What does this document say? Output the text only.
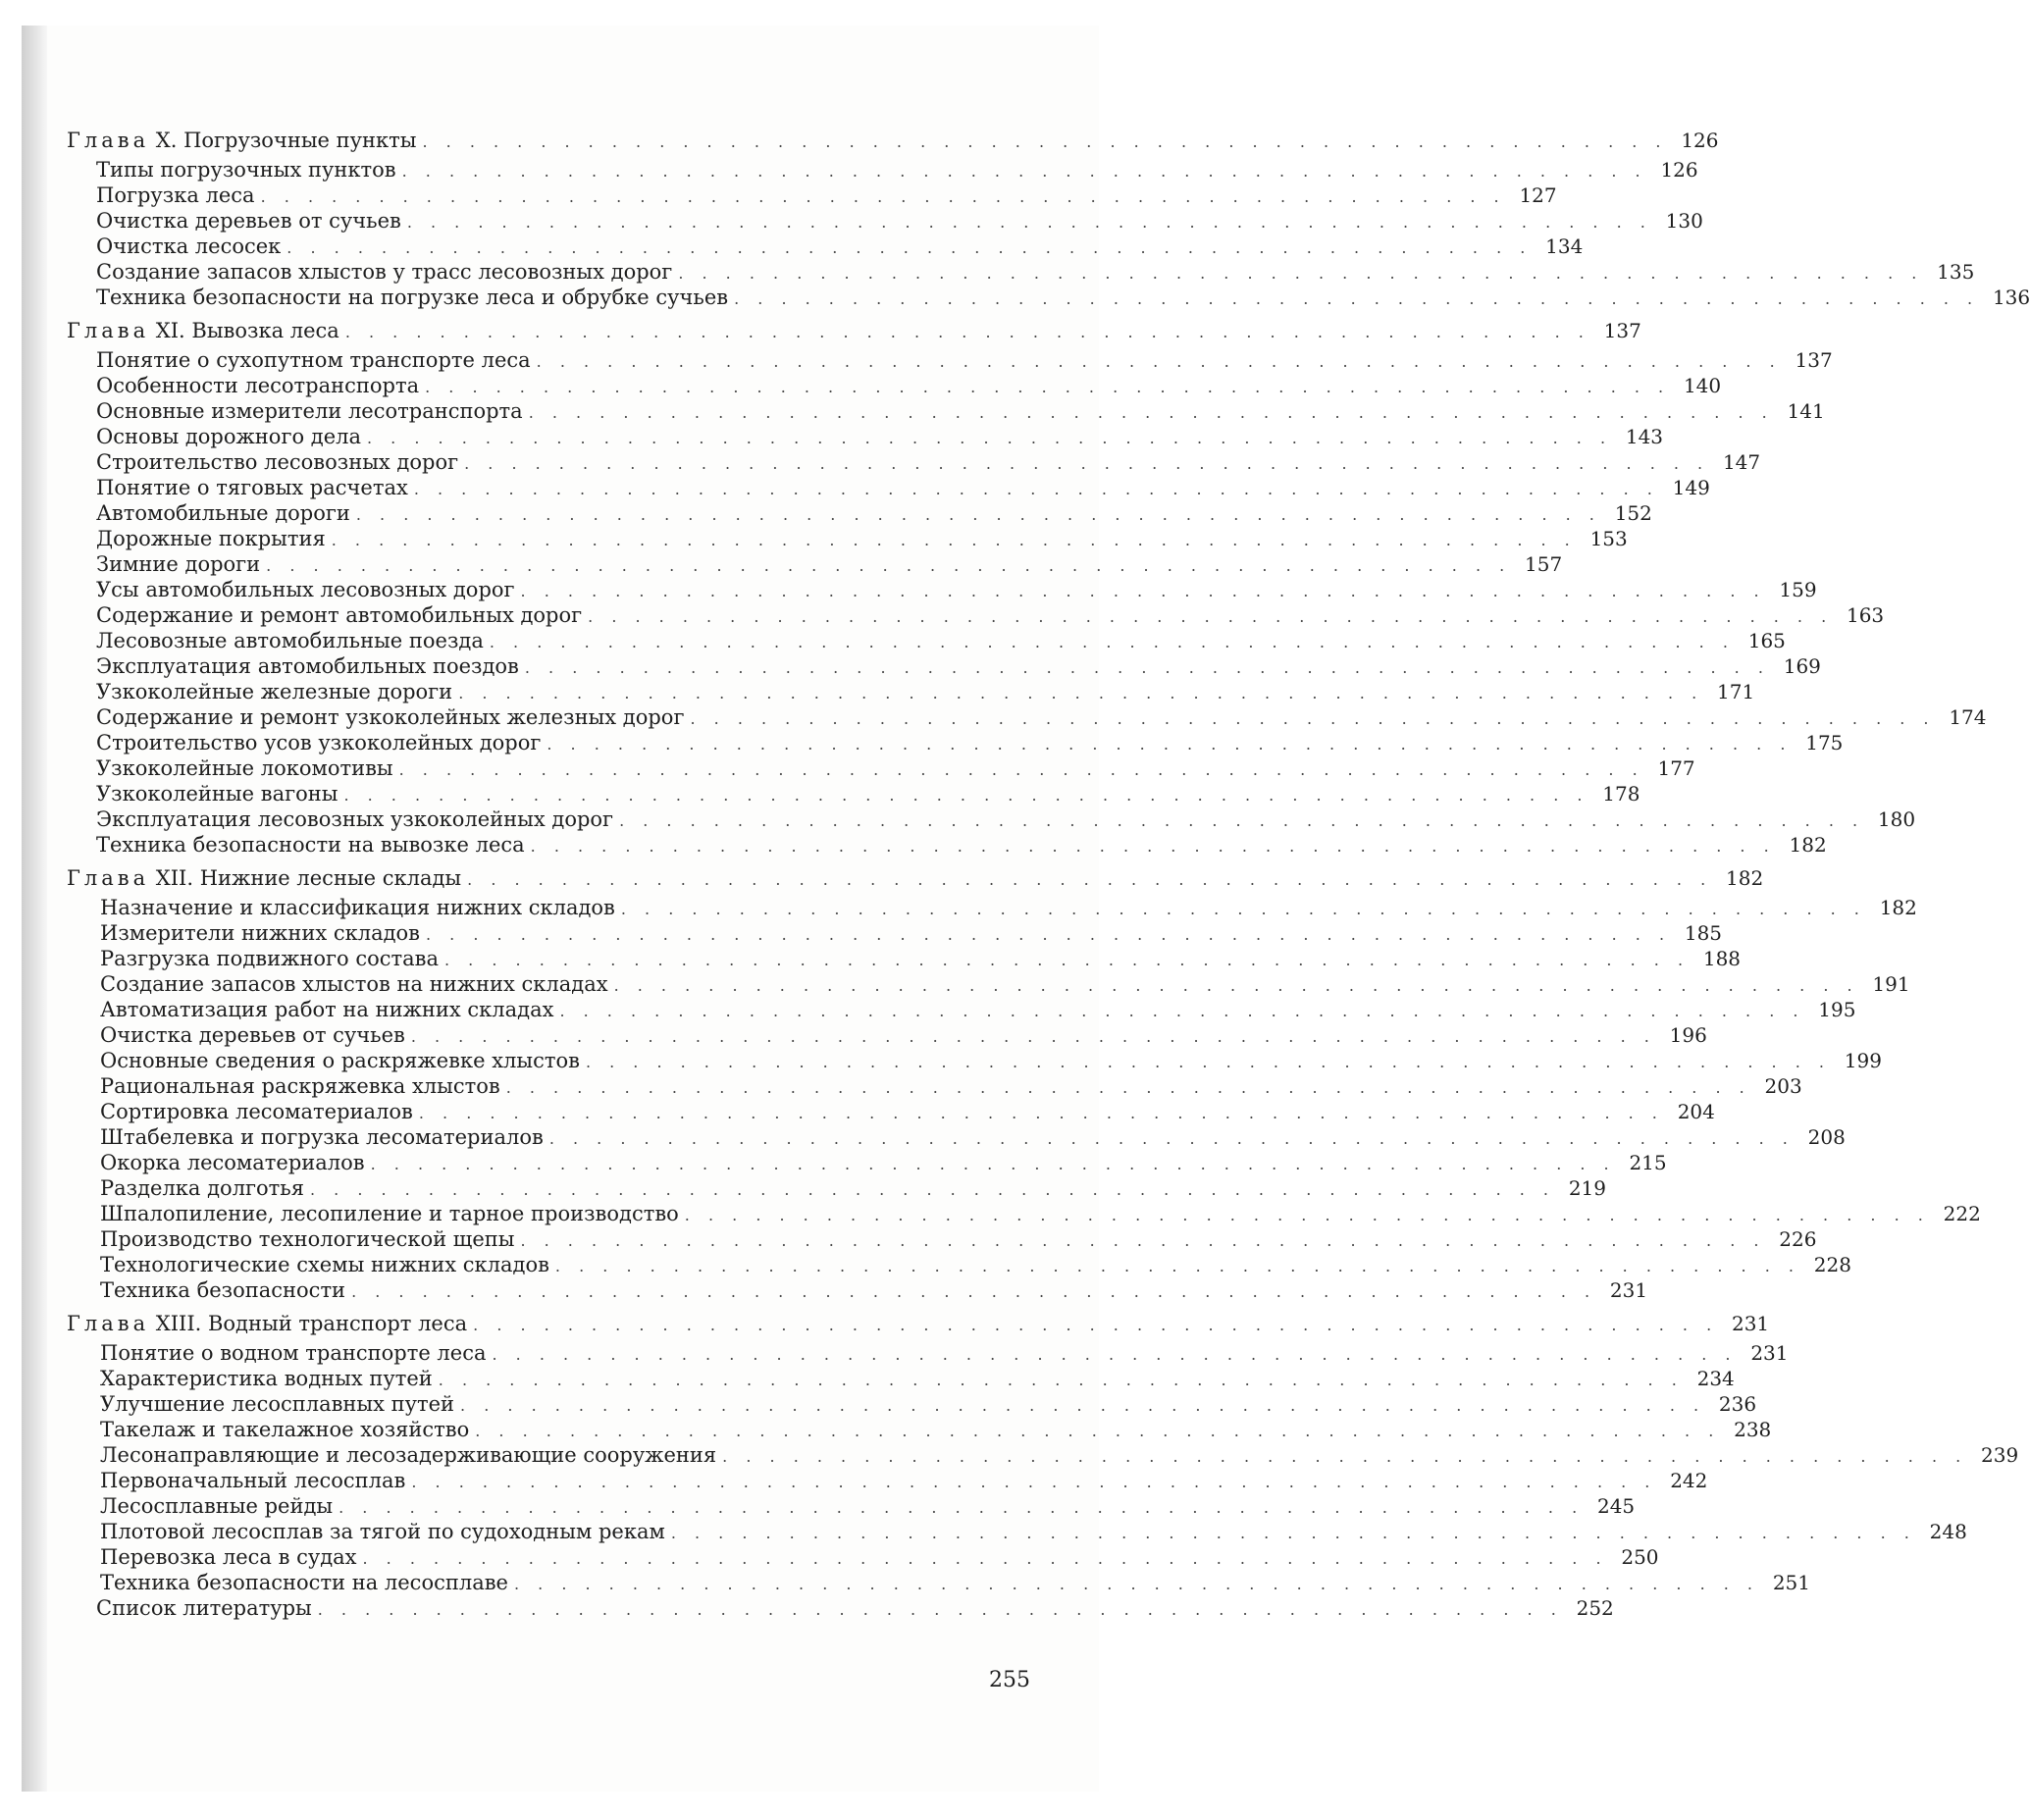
Глава X. Погрузочные пункты . . . . . . . . . . . . . . . . . . . . . . . . . . . . . . . . . . . . . . . . . . . . . . . . . . . . . 126
Типы погрузочных пунктов . . . . . . . . . . . . . . . . . . . . . . . . . . . . . . . . . . . . . . . . . . . . . . . . . . . . . 126
Погрузка леса . . . . . . . . . . . . . . . . . . . . . . . . . . . . . . . . . . . . . . . . . . . . . . . . . . . . . 127
Очистка деревьев от сучьев . . . . . . . . . . . . . . . . . . . . . . . . . . . . . . . . . . . . . . . . . . . . . . . . . . . . . 130
Очистка лесосек . . . . . . . . . . . . . . . . . . . . . . . . . . . . . . . . . . . . . . . . . . . . . . . . . . . . . 134
Создание запасов хлыстов у трасс лесовозных дорог . . . . . . . . . . . . . . . . . . . . . . . . . . . . . . . . . . . . . . . . . . . . . . . . . . . . . 135
Техника безопасности на погрузке леса и обрубке сучьев . . . . . . . . . . . . . . . . . . . . . . . . . . . . . . . . . . . . . . . . . . . . . . . . . . . . . 136
Глава XI. Вывозка леса . . . . . . . . . . . . . . . . . . . . . . . . . . . . . . . . . . . . . . . . . . . . . . . . . . . . . 137
Понятие о сухопутном транспорте леса . . . . . . . . . . . . . . . . . . . . . . . . . . . . . . . . . . . . . . . . . . . . . . . . . . . . . 137
Особенности лесотранспорта . . . . . . . . . . . . . . . . . . . . . . . . . . . . . . . . . . . . . . . . . . . . . . . . . . . . . 140
Основные измерители лесотранспорта . . . . . . . . . . . . . . . . . . . . . . . . . . . . . . . . . . . . . . . . . . . . . . . . . . . . . 141
Основы дорожного дела . . . . . . . . . . . . . . . . . . . . . . . . . . . . . . . . . . . . . . . . . . . . . . . . . . . . . 143
Строительство лесовозных дорог . . . . . . . . . . . . . . . . . . . . . . . . . . . . . . . . . . . . . . . . . . . . . . . . . . . . . 147
Понятие о тяговых расчетах . . . . . . . . . . . . . . . . . . . . . . . . . . . . . . . . . . . . . . . . . . . . . . . . . . . . . 149
Автомобильные дороги . . . . . . . . . . . . . . . . . . . . . . . . . . . . . . . . . . . . . . . . . . . . . . . . . . . . . 152
Дорожные покрытия . . . . . . . . . . . . . . . . . . . . . . . . . . . . . . . . . . . . . . . . . . . . . . . . . . . . . 153
Зимние дороги . . . . . . . . . . . . . . . . . . . . . . . . . . . . . . . . . . . . . . . . . . . . . . . . . . . . . 157
Усы автомобильных лесовозных дорог . . . . . . . . . . . . . . . . . . . . . . . . . . . . . . . . . . . . . . . . . . . . . . . . . . . . . 159
Содержание и ремонт автомобильных дорог . . . . . . . . . . . . . . . . . . . . . . . . . . . . . . . . . . . . . . . . . . . . . . . . . . . . . 163
Лесовозные автомобильные поезда . . . . . . . . . . . . . . . . . . . . . . . . . . . . . . . . . . . . . . . . . . . . . . . . . . . . . 165
Эксплуатация автомобильных поездов . . . . . . . . . . . . . . . . . . . . . . . . . . . . . . . . . . . . . . . . . . . . . . . . . . . . . 169
Узкоколейные железные дороги . . . . . . . . . . . . . . . . . . . . . . . . . . . . . . . . . . . . . . . . . . . . . . . . . . . . . 171
Содержание и ремонт узкоколейных железных дорог . . . . . . . . . . . . . . . . . . . . . . . . . . . . . . . . . . . . . . . . . . . . . . . . . . . . . 174
Строительство усов узкоколейных дорог . . . . . . . . . . . . . . . . . . . . . . . . . . . . . . . . . . . . . . . . . . . . . . . . . . . . . 175
Узкоколейные локомотивы . . . . . . . . . . . . . . . . . . . . . . . . . . . . . . . . . . . . . . . . . . . . . . . . . . . . . 177
Узкоколейные вагоны . . . . . . . . . . . . . . . . . . . . . . . . . . . . . . . . . . . . . . . . . . . . . . . . . . . . . 178
Эксплуатация лесовозных узкоколейных дорог . . . . . . . . . . . . . . . . . . . . . . . . . . . . . . . . . . . . . . . . . . . . . . . . . . . . . 180
Техника безопасности на вывозке леса . . . . . . . . . . . . . . . . . . . . . . . . . . . . . . . . . . . . . . . . . . . . . . . . . . . . . 182
Глава XII. Нижние лесные склады . . . . . . . . . . . . . . . . . . . . . . . . . . . . . . . . . . . . . . . . . . . . . . . . . . . . . 182
Назначение и классификация нижних складов . . . . . . . . . . . . . . . . . . . . . . . . . . . . . . . . . . . . . . . . . . . . . . . . . . . . . 182
Измерители нижних складов . . . . . . . . . . . . . . . . . . . . . . . . . . . . . . . . . . . . . . . . . . . . . . . . . . . . . 185
Разгрузка подвижного состава . . . . . . . . . . . . . . . . . . . . . . . . . . . . . . . . . . . . . . . . . . . . . . . . . . . . . 188
Создание запасов хлыстов на нижних складах . . . . . . . . . . . . . . . . . . . . . . . . . . . . . . . . . . . . . . . . . . . . . . . . . . . . . 191
Автоматизация работ на нижних складах . . . . . . . . . . . . . . . . . . . . . . . . . . . . . . . . . . . . . . . . . . . . . . . . . . . . . 195
Очистка деревьев от сучьев . . . . . . . . . . . . . . . . . . . . . . . . . . . . . . . . . . . . . . . . . . . . . . . . . . . . . 196
Основные сведения о раскряжевке хлыстов . . . . . . . . . . . . . . . . . . . . . . . . . . . . . . . . . . . . . . . . . . . . . . . . . . . . . 199
Рациональная раскряжевка хлыстов . . . . . . . . . . . . . . . . . . . . . . . . . . . . . . . . . . . . . . . . . . . . . . . . . . . . . 203
Сортировка лесоматериалов . . . . . . . . . . . . . . . . . . . . . . . . . . . . . . . . . . . . . . . . . . . . . . . . . . . . . 204
Штабелевка и погрузка лесоматериалов . . . . . . . . . . . . . . . . . . . . . . . . . . . . . . . . . . . . . . . . . . . . . . . . . . . . . 208
Окорка лесоматериалов . . . . . . . . . . . . . . . . . . . . . . . . . . . . . . . . . . . . . . . . . . . . . . . . . . . . . 215
Разделка долготья . . . . . . . . . . . . . . . . . . . . . . . . . . . . . . . . . . . . . . . . . . . . . . . . . . . . . 219
Шпалопиление, лесопиление и тарное производство . . . . . . . . . . . . . . . . . . . . . . . . . . . . . . . . . . . . . . . . . . . . . . . . . . . . . 222
Производство технологической щепы . . . . . . . . . . . . . . . . . . . . . . . . . . . . . . . . . . . . . . . . . . . . . . . . . . . . . 226
Технологические схемы нижних складов . . . . . . . . . . . . . . . . . . . . . . . . . . . . . . . . . . . . . . . . . . . . . . . . . . . . . 228
Техника безопасности . . . . . . . . . . . . . . . . . . . . . . . . . . . . . . . . . . . . . . . . . . . . . . . . . . . . . 231
Глава XIII. Водный транспорт леса . . . . . . . . . . . . . . . . . . . . . . . . . . . . . . . . . . . . . . . . . . . . . . . . . . . . . 231
Понятие о водном транспорте леса . . . . . . . . . . . . . . . . . . . . . . . . . . . . . . . . . . . . . . . . . . . . . . . . . . . . . 231
Характеристика водных путей . . . . . . . . . . . . . . . . . . . . . . . . . . . . . . . . . . . . . . . . . . . . . . . . . . . . . 234
Улучшение лесосплавных путей . . . . . . . . . . . . . . . . . . . . . . . . . . . . . . . . . . . . . . . . . . . . . . . . . . . . . 236
Такелаж и такелажное хозяйство . . . . . . . . . . . . . . . . . . . . . . . . . . . . . . . . . . . . . . . . . . . . . . . . . . . . . 238
Лесонаправляющие и лесозадерживающие сооружения . . . . . . . . . . . . . . . . . . . . . . . . . . . . . . . . . . . . . . . . . . . . . . . . . . . . . 239
Первоначальный лесосплав . . . . . . . . . . . . . . . . . . . . . . . . . . . . . . . . . . . . . . . . . . . . . . . . . . . . . 242
Лесосплавные рейды . . . . . . . . . . . . . . . . . . . . . . . . . . . . . . . . . . . . . . . . . . . . . . . . . . . . . 245
Плотовой лесосплав за тягой по судоходным рекам . . . . . . . . . . . . . . . . . . . . . . . . . . . . . . . . . . . . . . . . . . . . . . . . . . . . . 248
Перевозка леса в судах . . . . . . . . . . . . . . . . . . . . . . . . . . . . . . . . . . . . . . . . . . . . . . . . . . . . . 250
Техника безопасности на лесосплаве . . . . . . . . . . . . . . . . . . . . . . . . . . . . . . . . . . . . . . . . . . . . . . . . . . . . . 251
Список литературы . . . . . . . . . . . . . . . . . . . . . . . . . . . . . . . . . . . . . . . . . . . . . . . . . . . . . 252
255
